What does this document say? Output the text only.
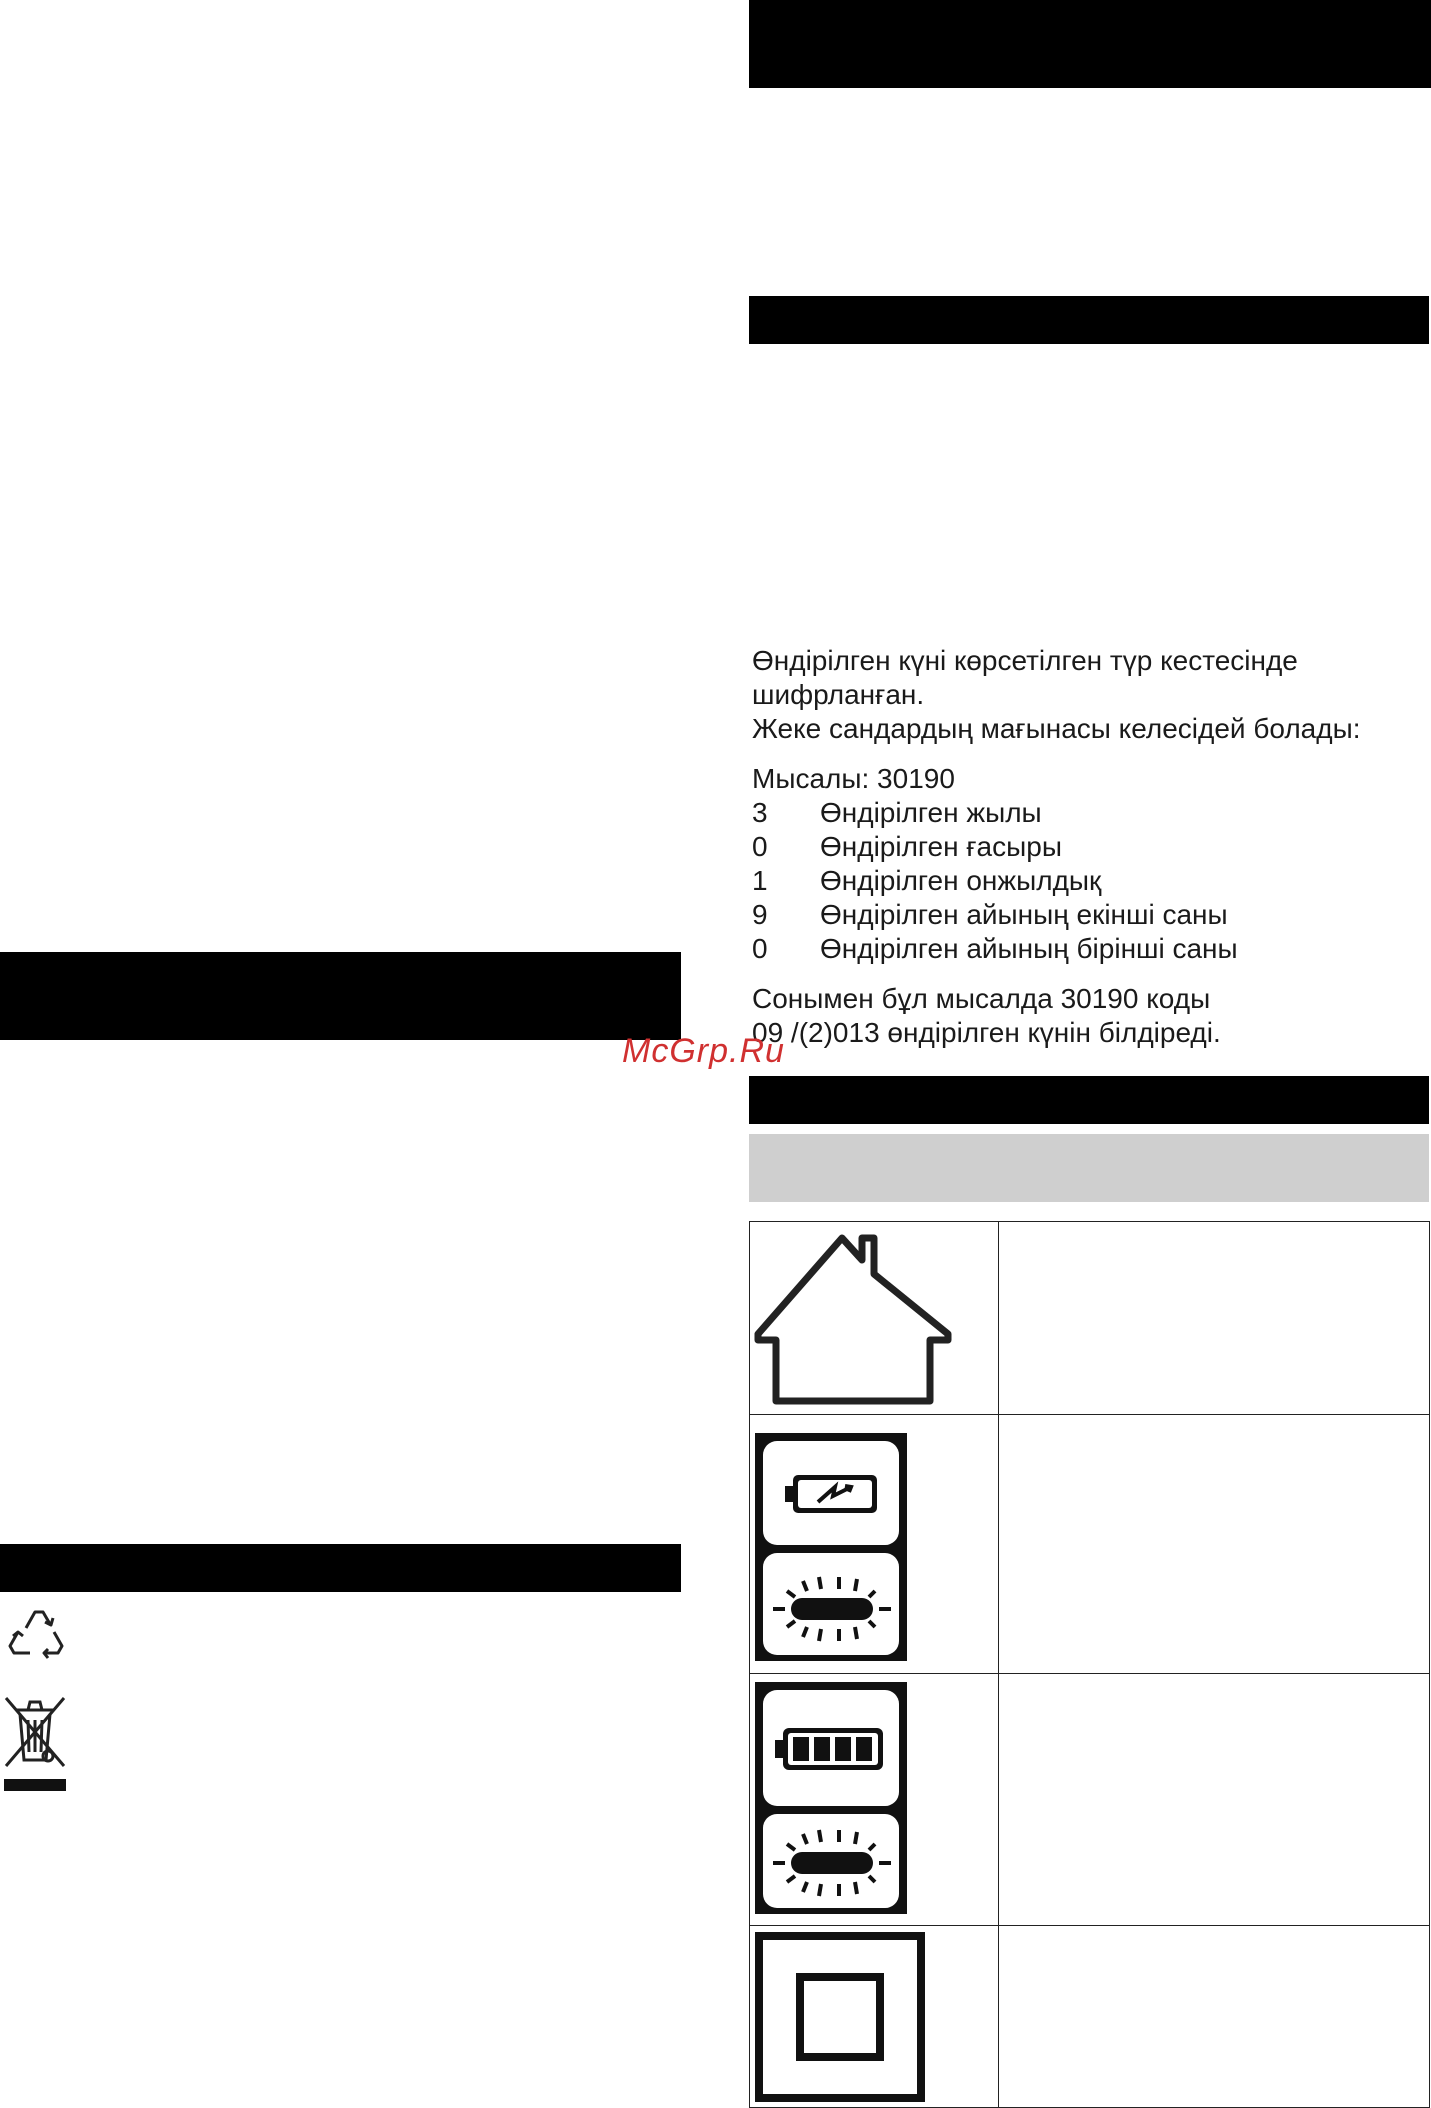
Өндірілген күні көрсетілген түр кестесінде
шифрланған.
Жеке сандардың мағынасы келесідей болады:
Мысалы: 30190
3 Өндірілген жылы
0 Өндірілген ғасыры
1 Өндірілген онжылдық
9 Өндірілген айының екінші саны
0 Өндірілген айының бірінші саны
Сонымен бұл мысалда 30190 коды
09 /(2)013 өндірілген күнін білдіреді.
McGrp.Ru
